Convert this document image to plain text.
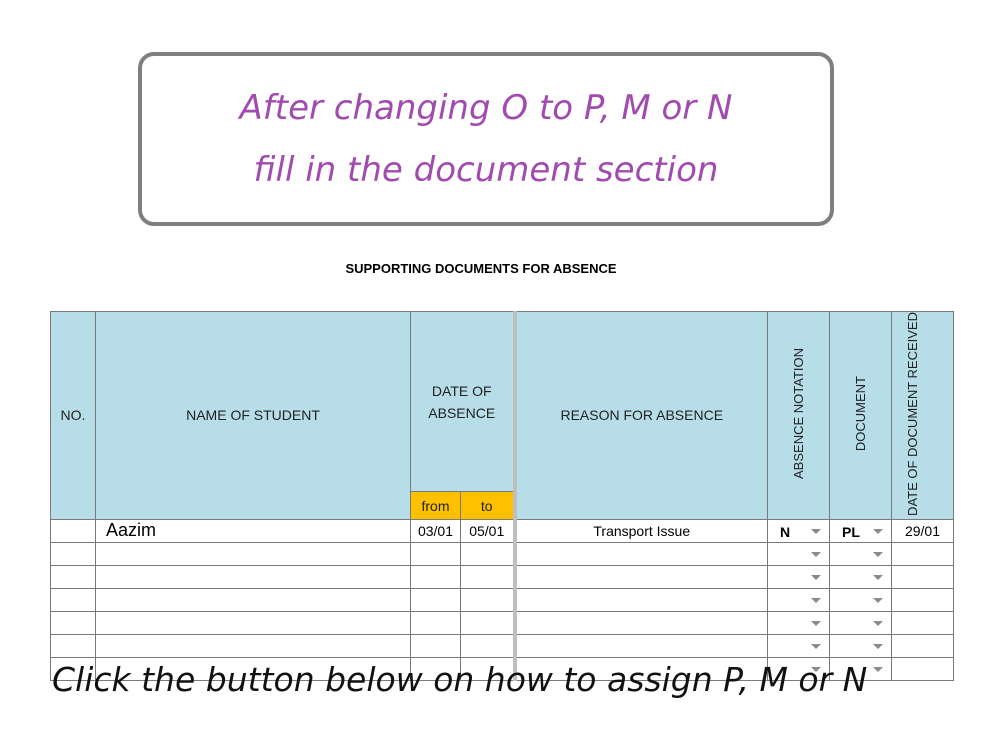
After changing O to P, M or N
fill in the document section
SUPPORTING DOCUMENTS FOR ABSENCE
NO.	NAME OF STUDENT	DATE OF ABSENCE		REASON FOR ABSENCE	ABSENCE NOTATION	DOCUMENT	DATE OF DOCUMENT RECEIVED
		from	to				
	Aazim	03/01	05/01	Transport Issue	N	PL	29/01

Click the button below on how to assign P, M or N
